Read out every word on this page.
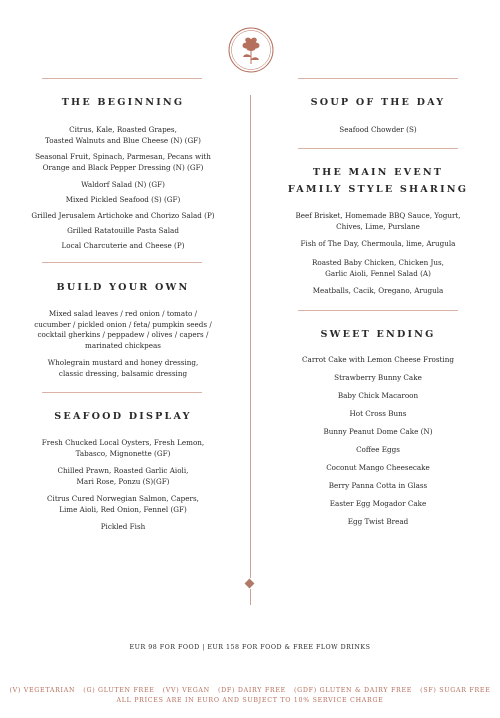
THE BEGINNING

Citrus, Kale, Roasted Grapes,
Toasted Walnuts and Blue Cheese (N) (GF)

Seasonal Fruit, Spinach, Parmesan, Pecans with
Orange and Black Pepper Dressing (N) (GF)

Waldorf Salad (N) (GF)

Mixed Pickled Seafood (S) (GF)

Grilled Jerusalem Artichoke and Chorizo Salad (P)

Grilled Ratatouille Pasta Salad

Local Charcuterie and Cheese (P)

BUILD YOUR OWN

Mixed salad leaves / red onion / tomato /
cucumber / pickled onion / feta/ pumpkin seeds /
cocktail gherkins / peppadew / olives / capers /
marinated chickpeas

Wholegrain mustard and honey dressing,
classic dressing, balsamic dressing

SEAFOOD DISPLAY

Fresh Chucked Local Oysters, Fresh Lemon,
Tabasco, Mignonette (GF)

Chilled Prawn, Roasted Garlic Aioli,
Mari Rose, Ponzu (S)(GF)

Citrus Cured Norwegian Salmon, Capers,
Lime Aioli, Red Onion, Fennel (GF)

Pickled Fish

SOUP OF THE DAY

Seafood Chowder (S)

THE MAIN EVENT
FAMILY STYLE SHARING

Beef Brisket, Homemade BBQ Sauce, Yogurt,
Chives, Lime, Purslane

Fish of The Day, Chermoula, lime, Arugula

Roasted Baby Chicken, Chicken Jus,
Garlic Aioli, Fennel Salad (A)

Meatballs, Cacik, Oregano, Arugula

SWEET ENDING

Carrot Cake with Lemon Cheese Frosting

Strawberry Bunny Cake

Baby Chick Macaroon

Hot Cross Buns

Bunny Peanut Dome Cake (N)

Coffee Eggs

Coconut Mango Cheesecake

Berry Panna Cotta in Glass

Easter Egg Mogador Cake

Egg Twist Bread

EUR 98 FOR FOOD | EUR 158 FOR FOOD & FREE FLOW DRINKS
(V) VEGETARIAN   (G) GLUTEN FREE   (VV) VEGAN   (DF) DAIRY FREE   (GDF) GLUTEN & DAIRY FREE   (SF) SUGAR FREE
ALL PRICES ARE IN EURO AND SUBJECT TO 10% SERVICE CHARGE
